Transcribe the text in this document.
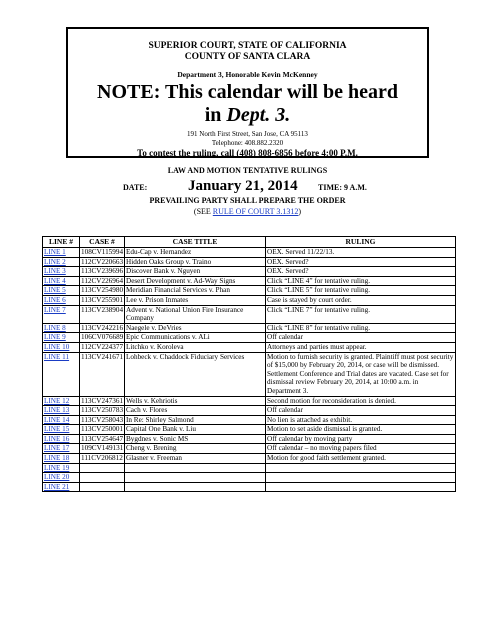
SUPERIOR COURT, STATE OF CALIFORNIA
COUNTY OF SANTA CLARA
Department 3, Honorable Kevin McKenney
NOTE: This calendar will be heard
in Dept. 3.
191 North First Street, San Jose, CA 95113
Telephone: 408.882.2320
To contest the ruling, call (408) 808-6856 before 4:00 P.M.
LAW AND MOTION TENTATIVE RULINGS
DATE:	January 21, 2014	TIME: 9 A.M.
PREVAILING PARTY SHALL PREPARE THE ORDER
(SEE RULE OF COURT 3.1312)
LINE #	CASE #	CASE TITLE	RULING
LINE 1	108CV115994	Edu-Cap v. Hernandez	OEX. Served 11/22/13.
LINE 2	112CV220663	Hidden Oaks Group v. Traino	OEX. Served?
LINE 3	113CV239696	Discover Bank v. Nguyen	OEX. Served?
LINE 4	112CV226964	Desert Development v. Ad-Way Signs	Click “LINE 4” for tentative ruling.
LINE 5	113CV254980	Meridian Financial Services v. Phan	Click “LINE 5” for tentative ruling.
LINE 6	113CV255901	Lee v. Prison Inmates	Case is stayed by court order.
LINE 7	113CV238904	Advent v. National Union Fire Insurance Company	Click “LINE 7” for tentative ruling.
LINE 8	113CV242216	Naegele v. DeVries	Click “LINE 8” for tentative ruling.
LINE 9	106CV076689	Epic Communications v. ALi	Off calendar
LINE 10	112CV224377	Litchko v. Koroleva	Attorneys and parties must appear.
LINE 11	113CV241671	Lohbeck v. Chaddock Fiduciary Services	Motion to furnish security is granted. Plaintiff must post security of $15,000 by February 20, 2014, or case will be dismissed. Settlement Conference and Trial dates are vacated. Case set for dismissal review February 20, 2014, at 10:00 a.m. in Department 3.
LINE 12	113CV247361	Wells v. Kehriotis	Second motion for reconsideration is denied.
LINE 13	113CV250783	Cach v. Flores	Off calendar
LINE 14	113CV258043	In Re: Shirley Salmond	No lien is attached as exhibit.
LINE 15	113CV250001	Capital One Bank v. Liu	Motion to set aside dismissal is granted.
LINE 16	113CV254647	Bygdnes v. Sonic MS	Off calendar by moving party
LINE 17	109CV149131	Cheng v. Brening	Off calendar – no moving papers filed
LINE 18	111CV206812	Glasner v. Freeman	Motion for good faith settlement granted.
LINE 19			
LINE 20			
LINE 21			
